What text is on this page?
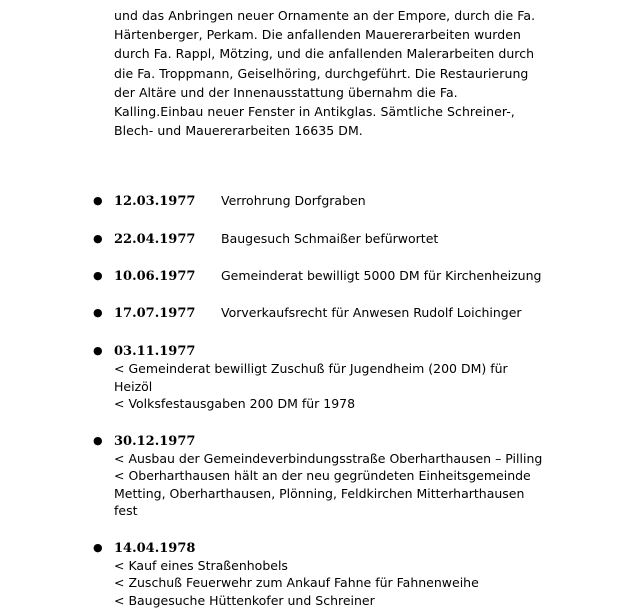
und das Anbringen neuer Ornamente an der Empore, durch die Fa.
Härtenberger, Perkam. Die anfallenden Mauererarbeiten wurden
durch Fa. Rappl, Mötzing, und die anfallenden Malerarbeiten durch
die Fa. Troppmann, Geiselhöring, durchgeführt. Die Restaurierung
der Altäre und der Innenausstattung übernahm die Fa.
Kalling.Einbau neuer Fenster in Antikglas. Sämtliche Schreiner-,
Blech- und Mauererarbeiten 16635 DM.
● 12.03.1977 Verrohrung Dorfgraben
● 22.04.1977 Baugesuch Schmaißer befürwortet
● 10.06.1977 Gemeinderat bewilligt 5000 DM für Kirchenheizung
● 17.07.1977 Vorverkaufsrecht für Anwesen Rudolf Loichinger
● 03.11.1977
< Gemeinderat bewilligt Zuschuß für Jugendheim (200 DM) für
Heizöl
< Volksfestausgaben 200 DM für 1978
● 30.12.1977
< Ausbau der Gemeindeverbindungsstraße Oberharthausen – Pilling
< Oberharthausen hält an der neu gegründeten Einheitsgemeinde
Metting, Oberharthausen, Plönning, Feldkirchen Mitterharthausen
fest
● 14.04.1978
< Kauf eines Straßenhobels
< Zuschuß Feuerwehr zum Ankauf Fahne für Fahnenweihe
< Baugesuche Hüttenkofer und Schreiner
